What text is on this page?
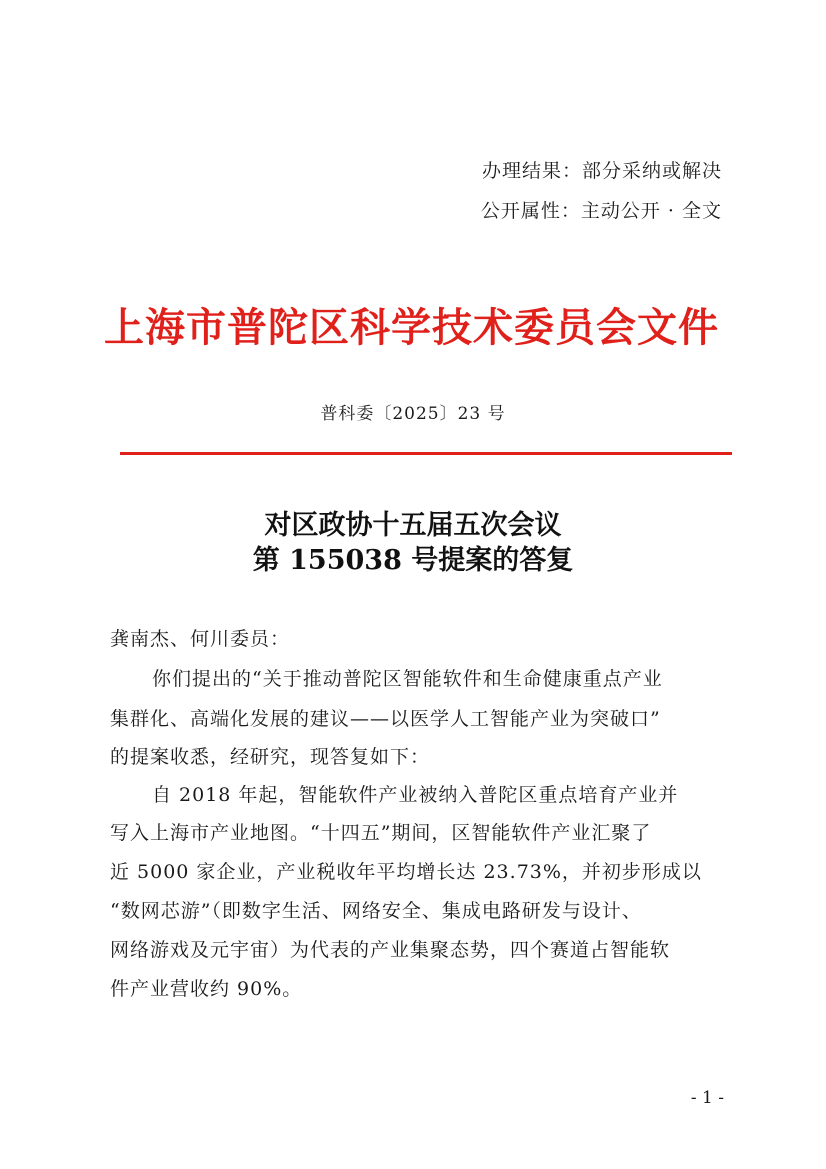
办理结果：部分采纳或解决
公开属性：主动公开 · 全文
上海市普陀区科学技术委员会文件
普科委〔2025〕23 号
对区政协十五届五次会议
第 155038 号提案的答复
龚南杰、何川委员：
你们提出的“关于推动普陀区智能软件和生命健康重点产业
集群化、高端化发展的建议——以医学人工智能产业为突破口”
的提案收悉，经研究，现答复如下：
自 2018 年起，智能软件产业被纳入普陀区重点培育产业并
写入上海市产业地图。“十四五”期间，区智能软件产业汇聚了
近 5000 家企业，产业税收年平均增长达 23.73%，并初步形成以
“数网芯游”（即数字生活、网络安全、集成电路研发与设计、
网络游戏及元宇宙）为代表的产业集聚态势，四个赛道占智能软
件产业营收约 90%。
- 1 -
